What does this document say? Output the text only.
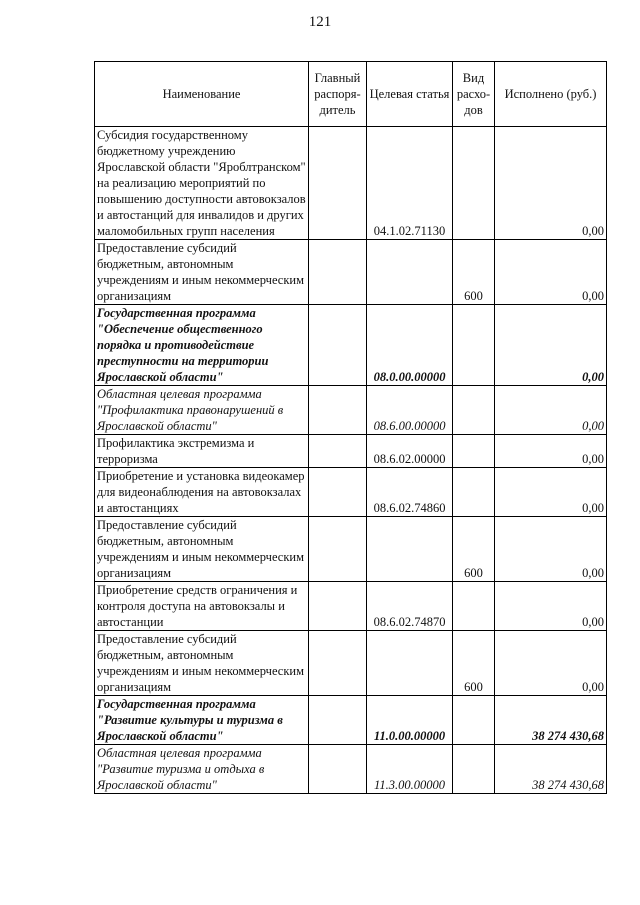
121
Наименование	Главный распоря-дитель	Целевая статья	Вид расхо-дов	Исполнено (руб.)
Субсидия государственному бюджетному учреждению Ярославской области "Яроблтранском" на реализацию мероприятий по повышению доступности автовокзалов и автостанций для инвалидов и других маломобильных групп населения		04.1.02.71130		0,00
Предоставление субсидий бюджетным, автономным учреждениям и иным некоммерческим организациям			600	0,00
Государственная программа "Обеспечение общественного порядка и противодействие преступности на территории Ярославской области"		08.0.00.00000		0,00
Областная целевая программа "Профилактика правонарушений в Ярославской области"		08.6.00.00000		0,00
Профилактика экстремизма и терроризма		08.6.02.00000		0,00
Приобретение и установка видеокамер для видеонаблюдения на автовокзалах и автостанциях		08.6.02.74860		0,00
Предоставление субсидий бюджетным, автономным учреждениям и иным некоммерческим организациям			600	0,00
Приобретение средств ограничения и контроля доступа на автовокзалы и автостанции		08.6.02.74870		0,00
Предоставление субсидий бюджетным, автономным учреждениям и иным некоммерческим организациям			600	0,00
Государственная программа "Развитие культуры и туризма в Ярославской области"		11.0.00.00000		38 274 430,68
Областная целевая программа "Развитие туризма и отдыха в Ярославской области"		11.3.00.00000		38 274 430,68
